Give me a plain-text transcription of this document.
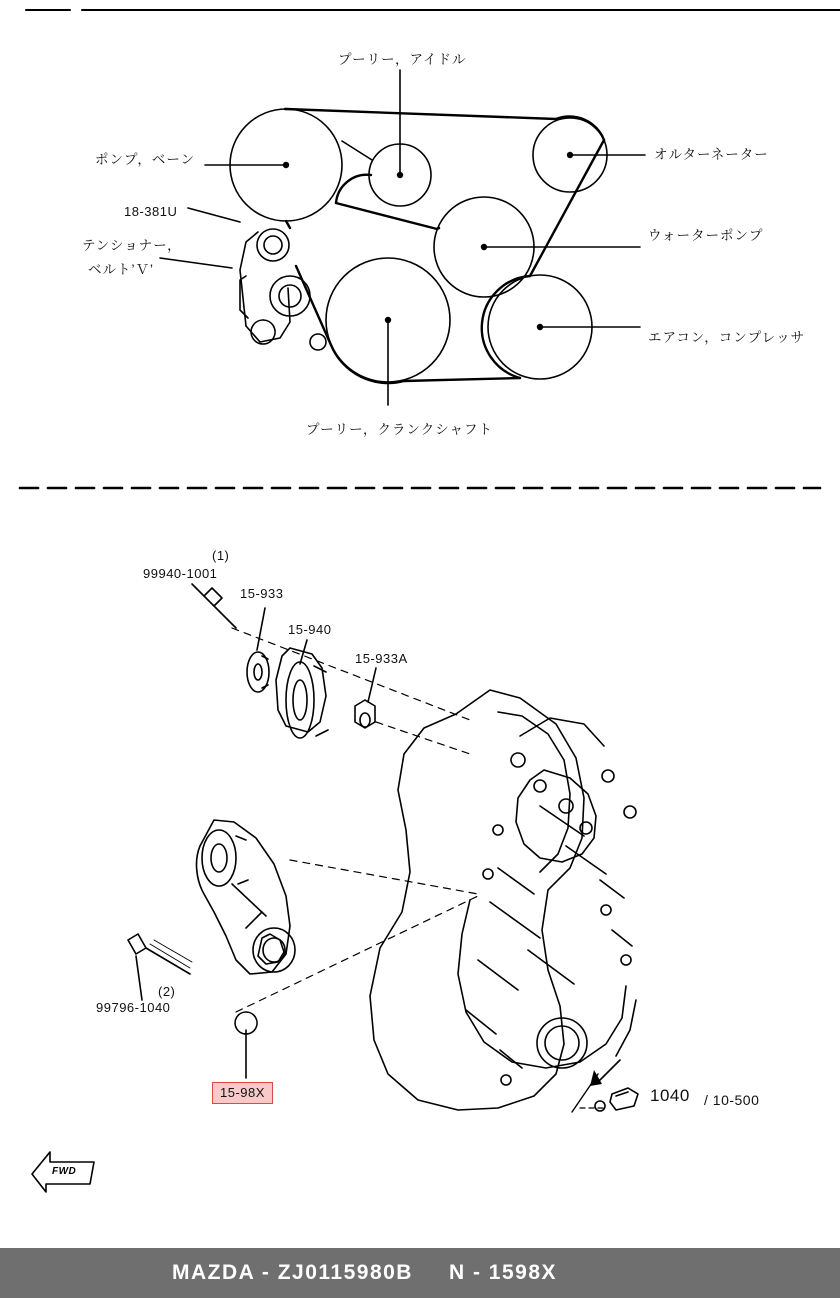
プーリー，アイドル
ポンプ，ベーン	オルターネーター
ウォーターポンプ
エアコン，コンプレッサ
プーリー，クランクシャフト
18-381U
テンショナー，
ベルト’Ｖ’
(1)
99940-1001
15-933
15-940
15-933A
(2)
99796-1040
1040 / 10-500
15-98X
FWD
MAZDA - ZJ0115980B	N - 1598X
